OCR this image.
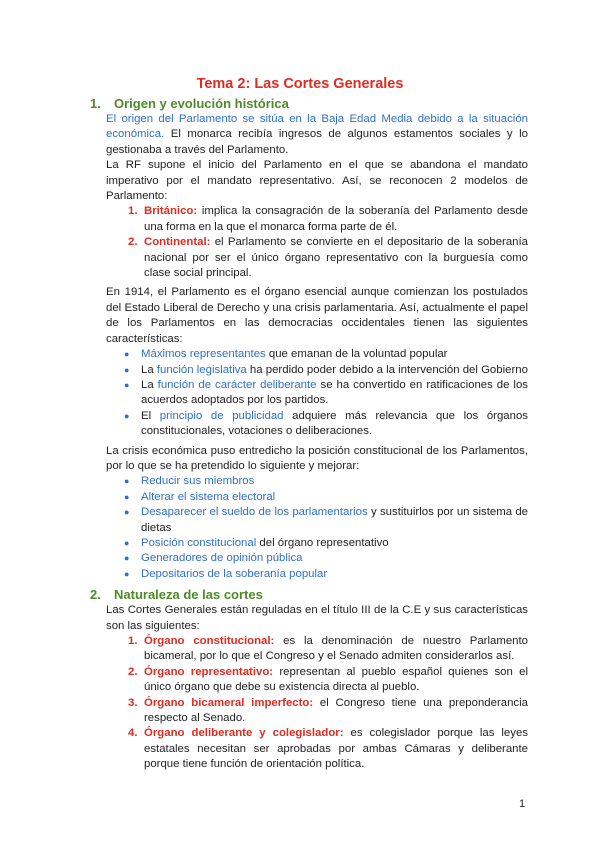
Tema 2: Las Cortes Generales
1.	Origen y evolución histórica

El origen del Parlamento se sitúa en la Baja Edad Media debido a la situación económica. El monarca recibía ingresos de algunos estamentos sociales y lo gestionaba a través del Parlamento.

La RF supone el inicio del Parlamento en el que se abandona el mandato imperativo por el mandato representativo. Así, se reconocen 2 modelos de Parlamento:

1. Británico: implica la consagración de la soberanía del Parlamento desde una forma en la que el monarca forma parte de él.
2. Continental: el Parlamento se convierte en el depositario de la soberanía nacional por ser el único órgano representativo con la burguesía como clase social principal.

En 1914, el Parlamento es el órgano esencial aunque comienzan los postulados del Estado Liberal de Derecho y una crisis parlamentaria. Así, actualmente el papel de los Parlamentos en las democracias occidentales tienen las siguientes características:

●	Máximos representantes que emanan de la voluntad popular
●	La función legislativa ha perdido poder debido a la intervención del Gobierno
●	La función de carácter deliberante se ha convertido en ratificaciones de los acuerdos adoptados por los partidos.
●	El principio de publicidad adquiere más relevancia que los órganos constitucionales, votaciones o deliberaciones.

La crisis económica puso entredicho la posición constitucional de los Parlamentos, por lo que se ha pretendido lo siguiente y mejorar:

●	Reducir sus miembros
●	Alterar el sistema electoral
●	Desaparecer el sueldo de los parlamentarios y sustituirlos por un sistema de dietas
●	Posición constitucional del órgano representativo
●	Generadores de opinión pública
●	Depositarios de la soberanía popular
2.	Naturaleza de las cortes

Las Cortes Generales están reguladas en el título III de la C.E y sus características son las siguientes:

1. Órgano constitucional: es la denominación de nuestro Parlamento bicameral, por lo que el Congreso y el Senado admiten considerarlos así.
2. Órgano representativo: representan al pueblo español quienes son el único órgano que debe su existencia directa al pueblo.
3. Órgano bicameral imperfecto: el Congreso tiene una preponderancia respecto al Senado.
4. Órgano deliberante y colegislador: es colegislador porque las leyes estatales necesitan ser aprobadas por ambas Cámaras y deliberante porque tiene función de orientación política.
1
